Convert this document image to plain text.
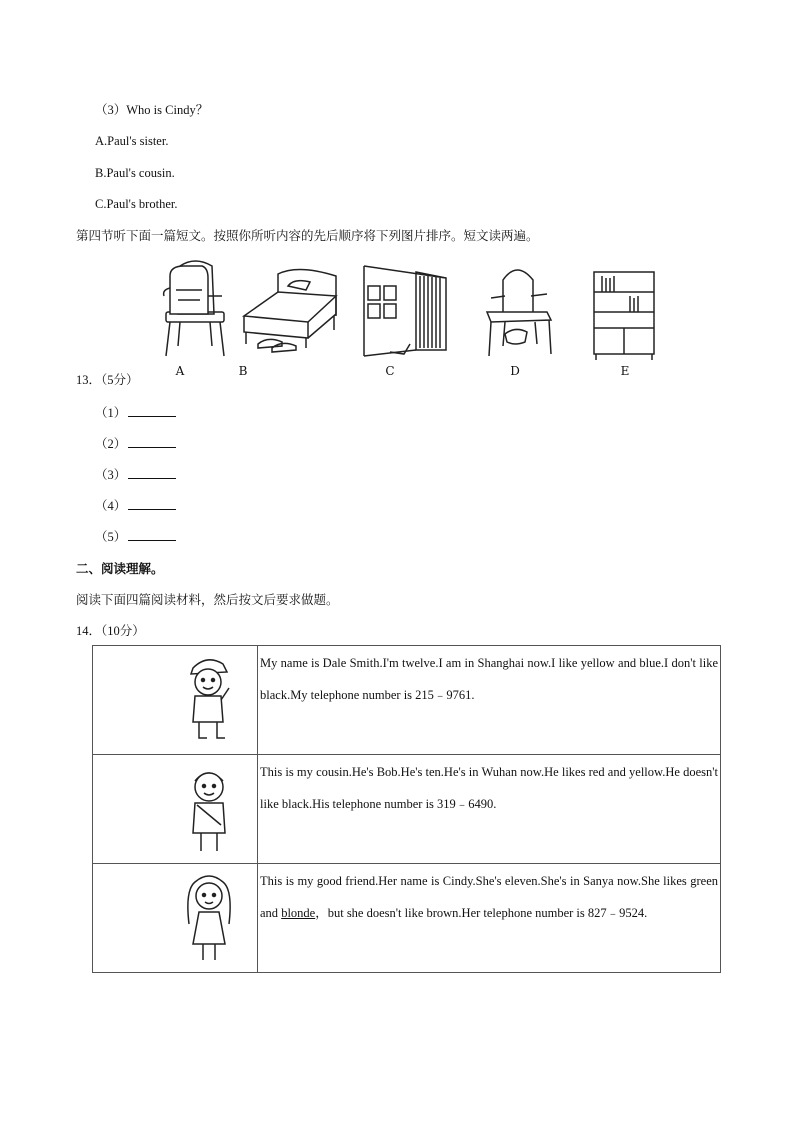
（3）Who is Cindy？
A.Paul's sister.
B.Paul's cousin.
C.Paul's brother.
第四节听下面一篇短文。按照你所听内容的先后顺序将下列图片排序。短文读两遍。
A	B	C	D	E
13．（5分）
（1）
（2）
（3）
（4）
（5）
二、阅读理解。
阅读下面四篇阅读材料，然后按文后要求做题。
14．（10分）
	My name is Dale Smith.I'm twelve.I am in Shanghai now.I like yellow and blue.I don't like black.My telephone number is 215﹣9761.

	This is my cousin.He's Bob.He's ten.He's in Wuhan now.He likes red and yellow.He doesn't like black.His telephone number is 319﹣6490.

	This is my good friend.Her name is Cindy.She's eleven.She's in Sanya now.She likes green and blonde，but she doesn't like brown.Her telephone number is 827﹣9524.
